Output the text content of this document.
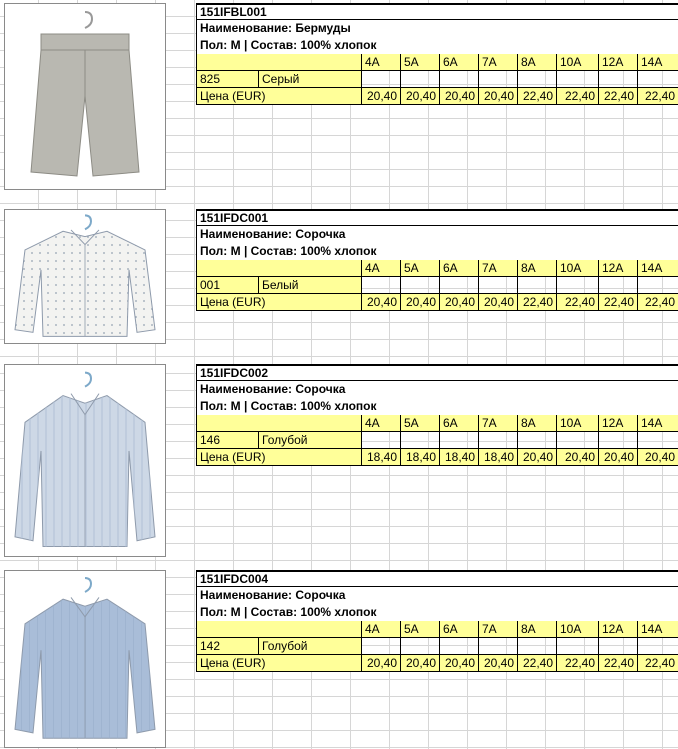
151IFBL001
Наименование: Бермуды
Пол: M | Состав: 100% хлопок
4A	5A	6A	7A	8A	10A	12A	14A
825	Серый
Цена (EUR)	20,40 20,40 20,40 20,40 22,40 22,40 22,40 22,40
151IFDC001
Наименование: Сорочка
Пол: M | Состав: 100% хлопок
4A	5A	6A	7A	8A	10A	12A	14A
001	Белый
Цена (EUR)	20,40 20,40 20,40 20,40 22,40 22,40 22,40 22,40
151IFDC002
Наименование: Сорочка
Пол: M | Состав: 100% хлопок
4A	5A	6A	7A	8A	10A	12A	14A
146	Голубой
Цена (EUR)	18,40 18,40 18,40 18,40 20,40 20,40 20,40 20,40
151IFDC004
Наименование: Сорочка
Пол: M | Состав: 100% хлопок
4A	5A	6A	7A	8A	10A	12A	14A
142	Голубой
Цена (EUR)	20,40 20,40 20,40 20,40 22,40 22,40 22,40 22,40
